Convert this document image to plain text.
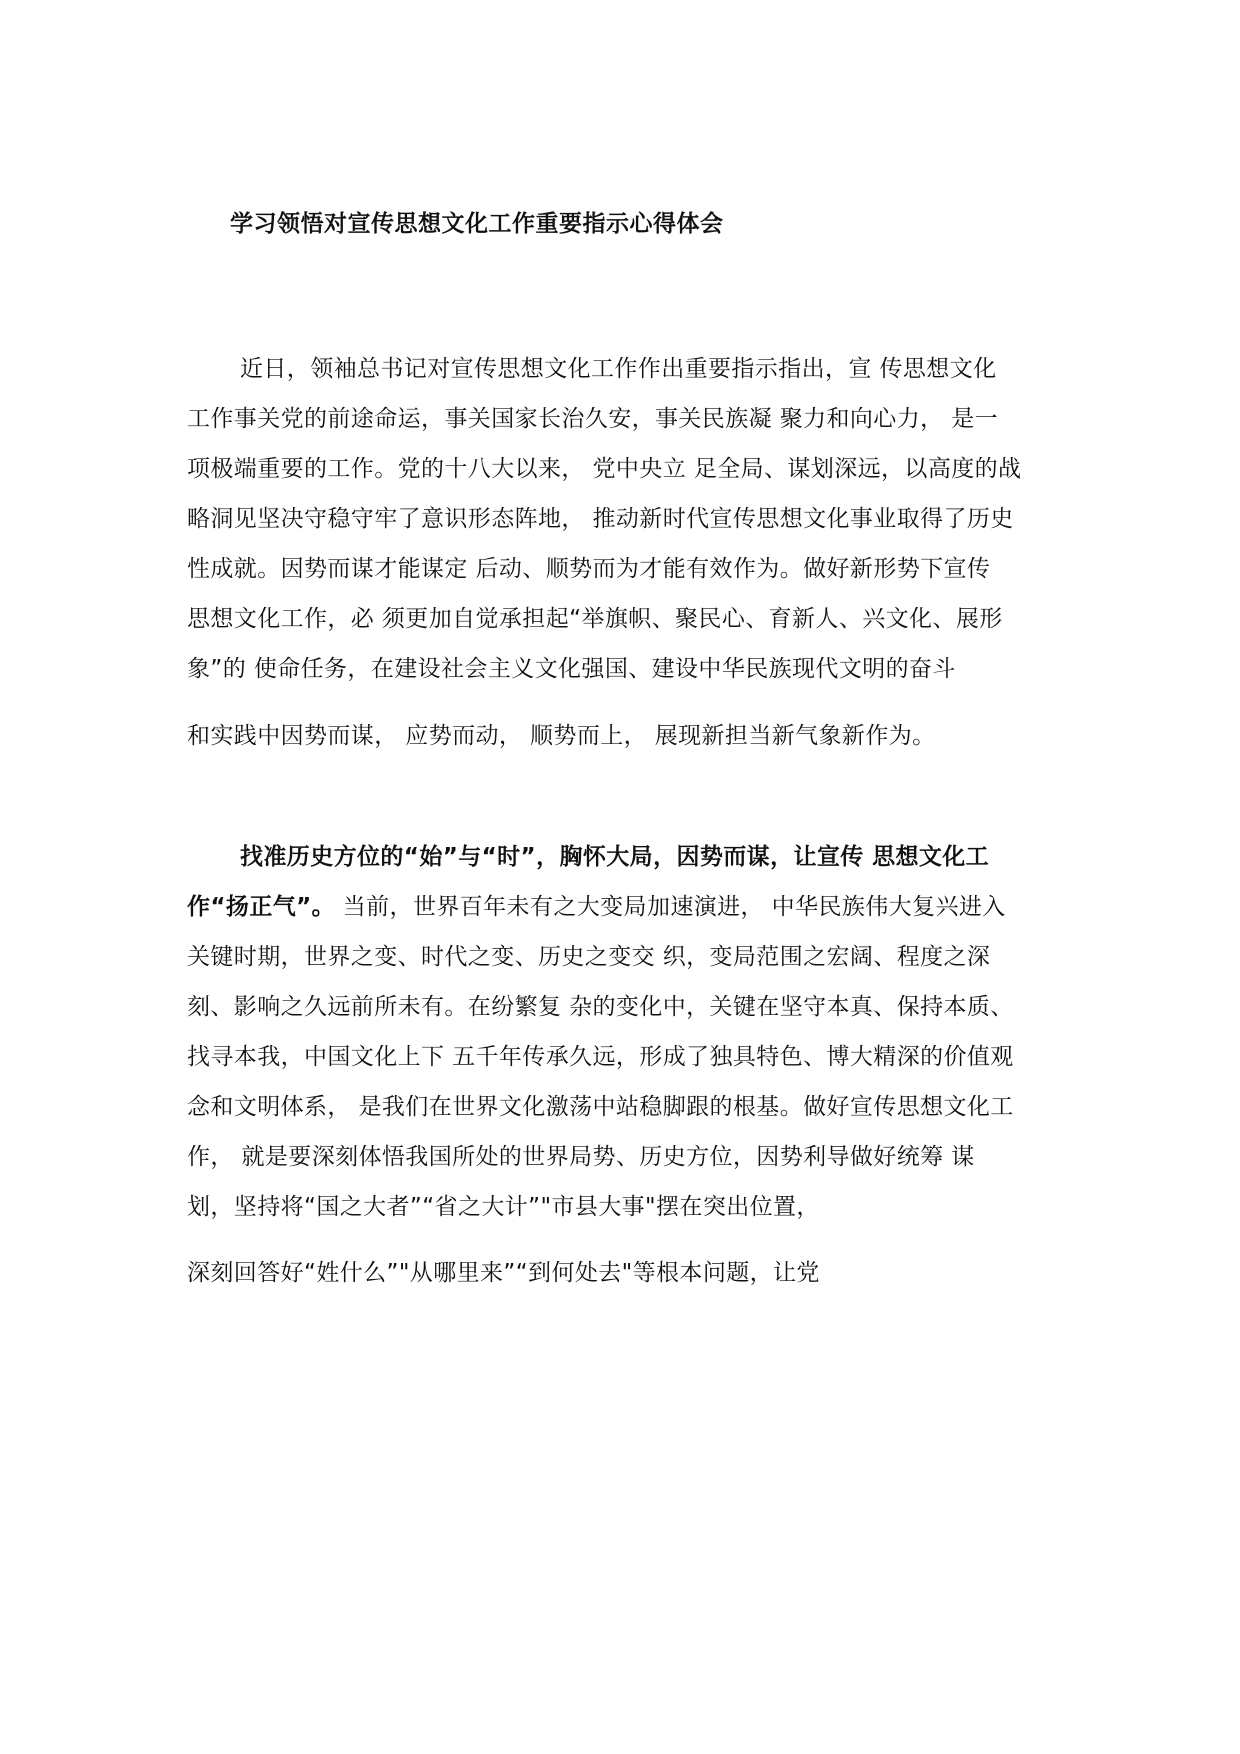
学习领悟对宣传思想文化工作重要指示心得体会
近日，领袖总书记对宣传思想文化工作作出重要指示指出，宣 传思想文化
工作事关党的前途命运，事关国家长治久安，事关民族凝 聚力和向心力， 是一
项极端重要的工作。党的十八大以来， 党中央立 足全局、谋划深远，以高度的战
略洞见坚决守稳守牢了意识形态阵地， 推动新时代宣传思想文化事业取得了历史
性成就。因势而谋才能谋定 后动、顺势而为才能有效作为。做好新形势下宣传
思想文化工作，必 须更加自觉承担起“举旗帜、聚民心、育新人、兴文化、展形
象”的 使命任务，在建设社会主义文化强国、建设中华民族现代文明的奋斗
和实践中因势而谋， 应势而动， 顺势而上， 展现新担当新气象新作为。
找准历史方位的“始”与“时”，胸怀大局，因势而谋，让宣传 思想文化工
作“扬正气”。 当前，世界百年未有之大变局加速演进， 中华民族伟大复兴进入
关键时期，世界之变、时代之变、历史之变交 织，变局范围之宏阔、程度之深
刻、影响之久远前所未有。在纷繁复 杂的变化中，关键在坚守本真、保持本质、
找寻本我，中国文化上下 五千年传承久远，形成了独具特色、博大精深的价值观
念和文明体系， 是我们在世界文化激荡中站稳脚跟的根基。做好宣传思想文化工
作， 就是要深刻体悟我国所处的世界局势、历史方位，因势利导做好统筹 谋
划，坚持将“国之大者”“省之大计”"市县大事"摆在突出位置，
深刻回答好“姓什么”"从哪里来”“到何处去"等根本问题，让党
